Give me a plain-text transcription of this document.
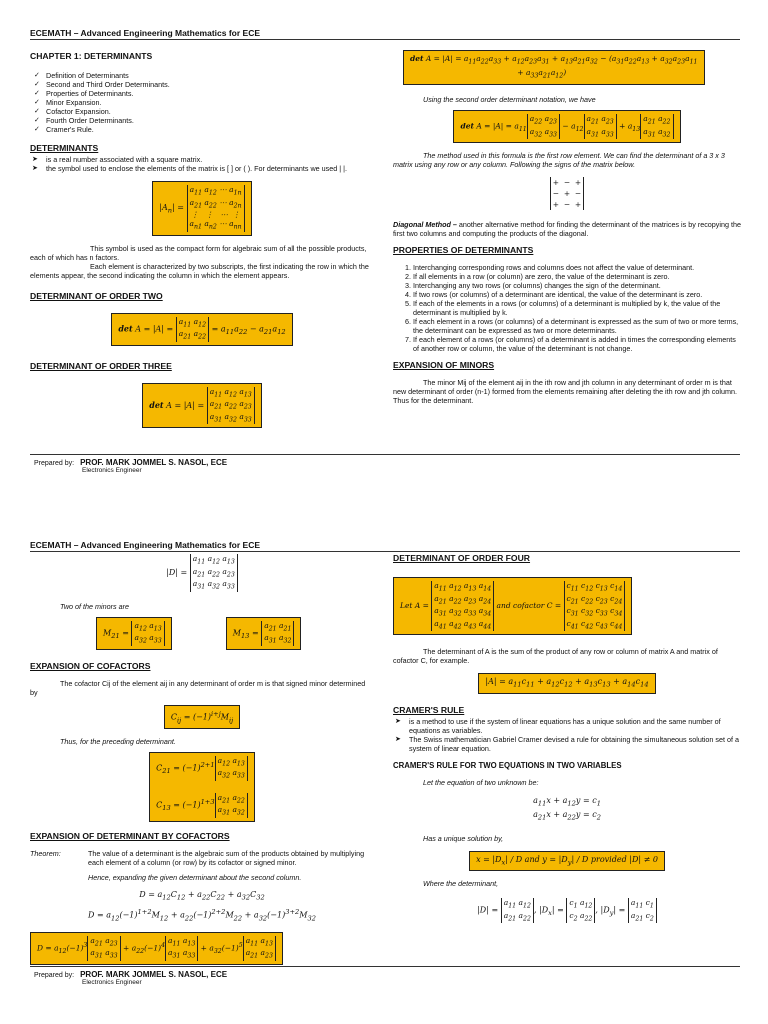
ECEMATH – Advanced Engineering Mathematics for ECE

CHAPTER 1: DETERMINANTS

✓ Definition of Determinants
✓ Second and Third Order Determinants.
✓ Properties of Determinants.
✓ Minor Expansion.
✓ Cofactor Expansion.
✓ Fourth Order Determinants.
✓ Cramer's Rule.

DETERMINANTS

➤ is a real number associated with a square matrix.
➤ the symbol used to enclose the elements of the matrix is [ ] or ( ). For determinants we used | |.
$|A_n| = a_{11}$ $a_{12}$ ⋯ $a_{1n}$
$a_{21}$ $a_{22}$ ⋯ $a_{2n}$
⋮   ⋮   ⋯  ⋮
$a_{n1}$ $a_{n2}$ ⋯ $a_{nn}$

This symbol is used as the compact form for algebraic sum of all the possible products, each of which has n factors.

Each element is characterized by two subscripts, the first indicating the row in which the elements appear, the second indicating the column in which the element appears.

DETERMINANT OF ORDER TWO

$\det A = |A| = a_{11}$ $a_{12}$
$a_{21}$ $a_{22} = a_{11}a_{22} - a_{21}a_{12}$

DETERMINANT OF ORDER THREE

$\det A = |A| = a_{11}$ $a_{12}$ $a_{13}$
$a_{21}$ $a_{22}$ $a_{23}$
$a_{31}$ $a_{32}$ $a_{33}$
$\det A = |A| = a_{11}a_{22}a_{33} + a_{12}a_{23}a_{31} + a_{13}a_{21}a_{32} - (a_{31}a_{22}a_{13} + a_{32}a_{23}a_{11}$
+ $a_{33}a_{21}a_{12}$)

Using the second order determinant notation, we have

$\det A = |A| = a_{11}a_{22}$ $a_{23}$
$a_{32}$ $a_{33} - a_{12}a_{21}$ $a_{23}$
$a_{31}$ $a_{33} + a_{13}a_{21}$ $a_{22}$
$a_{31}$ $a_{32}$

The method used in this formula is the first row element. We can find the determinant of a 3 x 3 matrix using any row or any column. Following the signs of the matrix below.

+  −  +
−  +  −
+  −  +

Diagonal Method – another alternative method for finding the determinant of the matrices is by recopying the first two columns and computing the products of the diagonal.

PROPERTIES OF DETERMINANTS

1. Interchanging corresponding rows and columns does not affect the value of determinant.
2. If all elements in a row (or column) are zero, the value of the determinant is zero.
3. Interchanging any two rows (or columns) changes the sign of the determinant.
4. If two rows (or columns) of a determinant are identical, the value of the determinant is zero.
5. If each of the elements in a rows (or columns) of a determinant is multiplied by k, the value of the determinant is multiplied by k.
6. If each element in a rows (or columns) of a determinant is expressed as the sum of two or more terms, the determinant can be expressed as two or more determinants.
7. If each element of a rows (or columns) of a determinant is added in times the corresponding elements of another row or column, the value of the determinant is not change.

EXPANSION OF MINORS

The minor Mij of the element aij in the ith row and jth column in any determinant of order m is that new determinant of order (n-1) formed from the elements remaining after deleting the ith row and jth column. Thus for the determinant.

Prepared by: PROF. MARK JOMMEL S. NASOL, ECE
Electronics Engineer
ECEMATH – Advanced Engineering Mathematics for ECE
$|D| = a_{11}$ $a_{12}$ $a_{13}$
$a_{21}$ $a_{22}$ $a_{23}$
$a_{31}$ $a_{32}$ $a_{33}$

Two of the minors are

$M_{21} = a_{12}$ $a_{13}$
$a_{32}$ $a_{33}$ $M_{13} = a_{21}$ $a_{21}$
$a_{31}$ $a_{32}$

EXPANSION OF COFACTORS

The cofactor Cij of the element aij in any determinant of order m is that signed minor determined by

$C_{ij} = (-1)^{i+j}M_{ij}$

Thus, for the preceding determinant.

$C_{21} = (-1)^{2+1}$ $a_{12}$ $a_{13}$
$a_{32}$ $a_{33}$

$C_{13} = (-1)^{1+3}$ $a_{21}$ $a_{22}$
$a_{31}$ $a_{32}$

EXPANSION OF DETERMINANT BY COFACTORS

Theorem:	The value of a determinant is the algebraic sum of the products obtained by multiplying each element of a column (or row) by its cofactor or signed minor.

Hence, expanding the given determinant about the second column.

$D = a_{12}C_{12} + a_{22}C_{22} + a_{32}C_{32}$
$D = a_{12}(-1)^{1+2}M_{12} + a_{22}(-1)^{2+2}M_{22} + a_{32}(-1)^{3+2}M_{32}$
$D = a_{12}(-1)^3a_{21}$ $a_{23}$
$a_{31}$ $a_{33} + a_{22}(-1)^4a_{11}$ $a_{13}$
$a_{31}$ $a_{33} + a_{32}(-1)^5a_{11}$ $a_{13}$
$a_{21}$ $a_{23}$

DETERMINANT OF ORDER FOUR

Let $A = a_{11}$ $a_{12}$ $a_{13}$ $a_{14}$
$a_{21}$ $a_{22}$ $a_{23}$ $a_{24}$
$a_{31}$ $a_{32}$ $a_{33}$ $a_{34}$
$a_{41}$ $a_{42}$ $a_{43}$ $a_{44}$ and cofactor $C = c_{11}$ $c_{12}$ $c_{13}$ $c_{14}$
$c_{21}$ $c_{22}$ $c_{23}$ $c_{24}$
$c_{31}$ $c_{32}$ $c_{33}$ $c_{34}$
$c_{41}$ $c_{42}$ $c_{43}$ $c_{44}$

The determinant of A is the sum of the product of any row or column of matrix A and matrix of cofactor C, for example.

$|A| = a_{11}c_{11} + a_{12}c_{12} + a_{13}c_{13} + a_{14}c_{14}$

CRAMER'S RULE

➤ is a method to use if the system of linear equations has a unique solution and the same number of equations as variables.
➤ The Swiss mathematician Gabriel Cramer devised a rule for obtaining the simultaneous solution set of a system of linear equation.

CRAMER'S RULE FOR TWO EQUATIONS IN TWO VARIABLES

Let the equation of two unknown be:

$a_{11}x + a_{12}y = c_1$
$a_{21}x + a_{22}y = c_2$

Has a unique solution by,

$x = |D_x| / D$ and $y = |D_y| / D$ provided |D| ≠ 0

Where the determinant,

$|D| = a_{11}$ $a_{12}$
$a_{21}$ $a_{22}$, $|D_x| = c_1$ $a_{12}$
$c_2$ $a_{22}$, $|D_y| = a_{11}$ $c_1$
$a_{21}$ $c_2$
Prepared by: PROF. MARK JOMMEL S. NASOL, ECE
Electronics Engineer
